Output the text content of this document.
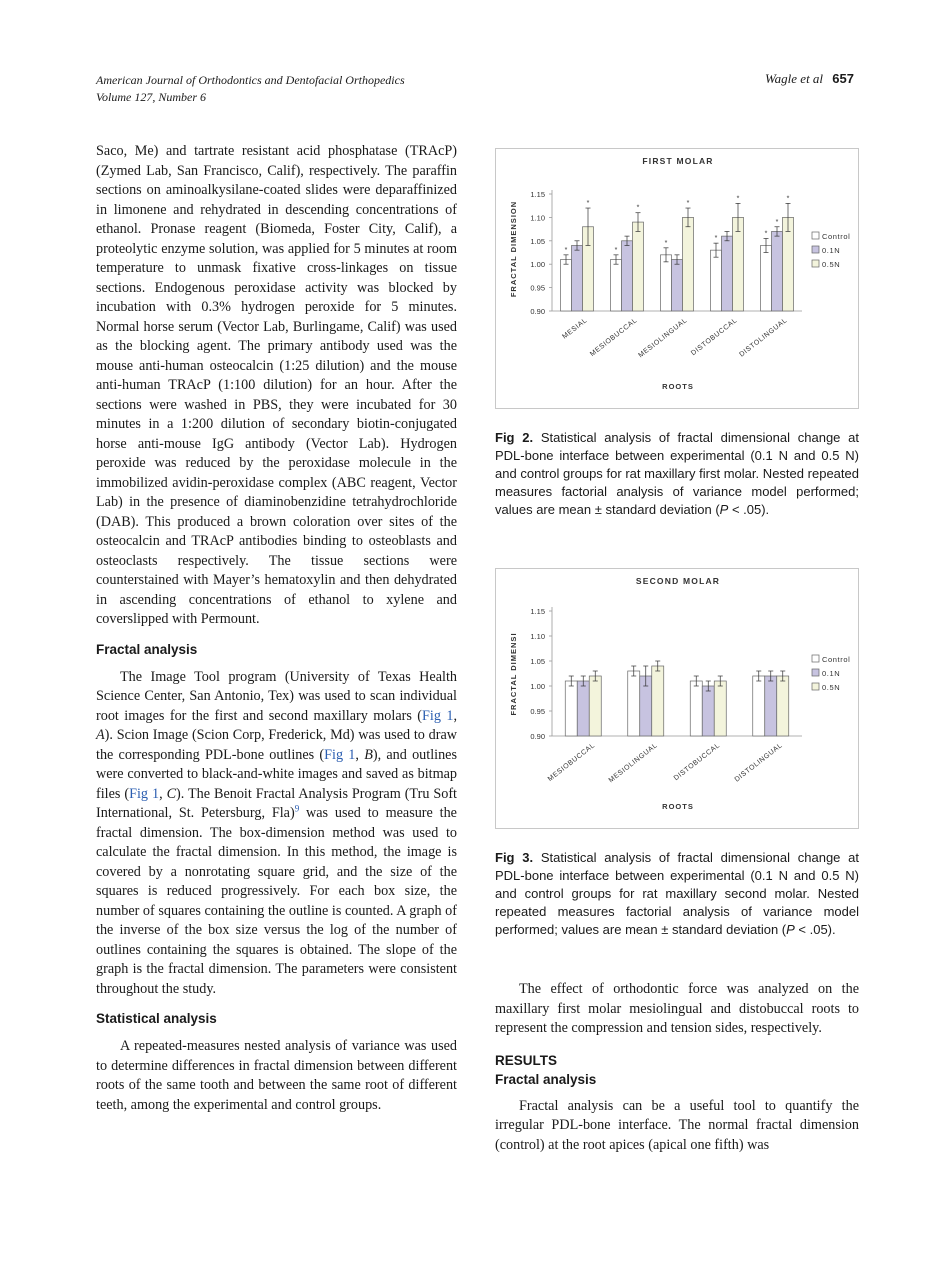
American Journal of Orthodontics and Dentofacial Orthopedics
Volume 127, Number 6
Wagle et al 657

Saco, Me) and tartrate resistant acid phosphatase (TRAcP) (Zymed Lab, San Francisco, Calif), respectively. The paraffin sections on aminoalkysilane-coated slides were deparaffinized in limonene and rehydrated in descending concentrations of ethanol. Pronase reagent (Biomeda, Foster City, Calif), a proteolytic enzyme solution, was applied for 5 minutes at room temperature to unmask fixative cross-linkages on tissue sections. Endogenous peroxidase activity was blocked by incubation with 0.3% hydrogen peroxide for 5 minutes. Normal horse serum (Vector Lab, Burlingame, Calif) was used as the blocking agent. The primary antibody used was the mouse anti-human osteocalcin (1:25 dilution) and the mouse anti-human TRAcP (1:100 dilution) for an hour. After the sections were washed in PBS, they were incubated for 30 minutes in a 1:200 dilution of secondary biotin-conjugated horse anti-mouse IgG antibody (Vector Lab). Hydrogen peroxide was reduced by the peroxidase molecule in the immobilized avidin-peroxidase complex (ABC reagent, Vector Lab) in the presence of diaminobenzidine tetrahydrochloride (DAB). This produced a brown coloration over sites of the osteocalcin and TRAcP antibodies binding to osteoblasts and osteoclasts respectively. The tissue sections were counterstained with Mayer’s hematoxylin and then dehydrated in ascending concentrations of ethanol to xylene and coverslipped with Permount.

Fractal analysis

The Image Tool program (University of Texas Health Science Center, San Antonio, Tex) was used to scan individual root images for the first and second maxillary molars (Fig 1, A). Scion Image (Scion Corp, Frederick, Md) was used to draw the corresponding PDL-bone outlines (Fig 1, B), and outlines were converted to black-and-white images and saved as bitmap files (Fig 1, C). The Benoit Fractal Analysis Program (Tru Soft International, St. Petersburg, Fla)$^9$ was used to measure the fractal dimension. The box-dimension method was used to calculate the fractal dimension. In this method, the image is covered by a nonrotating square grid, and the size of the squares is reduced progressively. For each box size, the number of squares containing the outline is counted. A graph of the inverse of the box size versus the log of the number of outlines containing the squares is obtained. The slope of the graph is the fractal dimension. The parameters were consistent throughout the study.

Statistical analysis

A repeated-measures nested analysis of variance was used to determine differences in fractal dimension between different roots of the same tooth and between the same root of different teeth, among the experimental and control groups.

FIRST MOLAR
1.15
1.10
1.05
1.00
0.95
0.90
FRACTAL DIMENSION	*
*
MESIAL
*
*
MESIOBUCCAL
*
*
MESIOLINGUAL
*
*
DISTOBUCCAL
*
*
*
DISTOLINGUAL
ROOTS
Control
0.1N
0.5N
Fig 2. Statistical analysis of fractal dimensional change at PDL-bone interface between experimental (0.1 N and 0.5 N) and control groups for rat maxillary first molar. Nested repeated measures factorial analysis of variance model performed; values are mean ± standard deviation (P < .05).
SECOND MOLAR
1.15
1.10
1.05
1.00
0.95
0.90
FRACTAL DIMENSI
MESIOBUCCAL MESIOLINGUAL DISTOBUCCAL DISTOLINGUAL
ROOTS
Control
0.1N
0.5N
Fig 3. Statistical analysis of fractal dimensional change at PDL-bone interface between experimental (0.1 N and 0.5 N) and control groups for rat maxillary second molar. Nested repeated measures factorial analysis of variance model performed; values are mean ± standard deviation (P < .05).

The effect of orthodontic force was analyzed on the maxillary first molar mesiolingual and distobuccal roots to represent the compression and tension sides, respectively.

RESULTS
Fractal analysis

Fractal analysis can be a useful tool to quantify the irregular PDL-bone interface. The normal fractal dimension (control) at the root apices (apical one fifth) was
